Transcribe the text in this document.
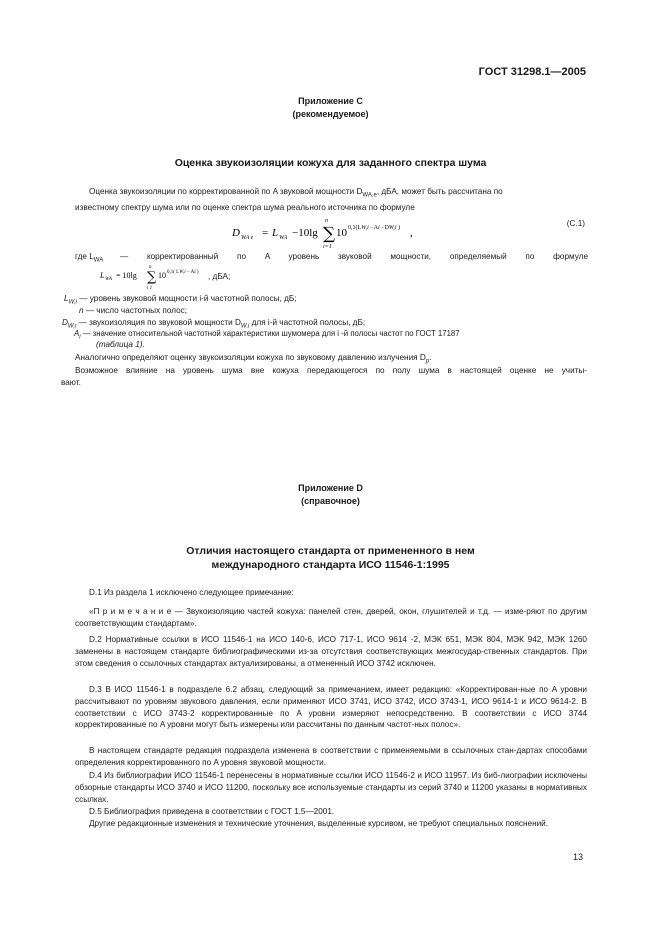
ГОСТ 31298.1—2005
Приложение С
(рекомендуемое)
Оценка звукоизоляции кожуха для заданного спектра шума
Оценка звукоизоляции по корректированной по A звуковой мощности $D_{WA,e}$, дБА, может быть рассчитана по
известному спектру шума или по оценке спектра шума реального источника по формуле
D WA e = L WA −10lg ∑
n
i=1
10 0,1(LW,i −Ai −DW,i ) ,
(С.1)
где $L_{WA}$ — корректированный по A уровень звуковой мощности, определяемый по формуле
L WA = 10lg ∑
n
i 1
10 0,1( LW,i − Ai ) , дБА;
$L_{W,i}$ — уровень звуковой мощности i-й частотной полосы, дБ;
n — число частотных полос;
$D_{W,i}$ — звукоизоляция по звуковой мощности $D_{W,i}$ для i-й частотной полосы, дБ;
$A_i$ — значение относительной частотной характеристики шумомера для i -й полосы частот по ГОСТ 17187
(таблица 1).
Аналогично определяют оценку звукоизоляции кожуха по звуковому давлению излучения $D_p$.
Возможное влияние на уровень шума вне кожуха передающегося по полу шума в настоящей оценке не учиты-
вают.
Приложение D
(справочное)
Отличия настоящего стандарта от примененного в нем
международного стандарта ИСО 11546-1:1995
D.1 Из раздела 1 исключено следующее примечание:
«П р и м е ч а н и е — Звукоизоляцию частей кожуха: панелей стен, дверей, окон, глушителей и т.д. — изме-ряют по другим соответствующим стандартам».
D.2 Нормативные ссылки в ИСО 11546-1 на ИСО 140-6, ИСО 717-1, ИСО 9614 -2, МЭК 651, МЭК 804, МЭК 942, МЭК 1260 заменены в настоящем стандарте библиографическими из-за отсутствия соответствующих межгосудар-ственных стандартов. При этом сведения о ссылочных стандартах актуализированы, а отмененный ИСО 3742 исключен.
D.3 В ИСО 11546-1 в подразделе 6.2 абзац, следующий за примечанием, имеет редакцию: «Корректирован-ные по A уровни рассчитывают по уровням звукового давления, если применяют ИСО 3741, ИСО 3742, ИСО 3743-1, ИСО 9614-1 и ИСО 9614-2. В соответствии с ИСО 3743-2 корректированные по A уровни измеряют непосредственно. В соответствии с ИСО 3744 корректированные по A уровни могут быть измерены или рассчитаны по данным частот-ных полос».
В настоящем стандарте редакция подраздела изменена в соответствии с применяемыми в ссылочных стан-дартах способами определения корректированного по A уровня звуковой мощности.
D.4 Из библиографии ИСО 11546-1 перенесены в нормативные ссылки ИСО 11546-2 и ИСО 11957. Из биб-лиографии исключены обзорные стандарты ИСО 3740 и ИСО 11200, поскольку все используемые стандарты из серий 3740 и 11200 указаны в нормативных ссылках.
D.5 Библиография приведена в соответствии с ГОСТ 1.5—2001.
Другие редакционные изменения и технические уточнения, выделенные курсивом, не требуют специальных пояснений.
13
